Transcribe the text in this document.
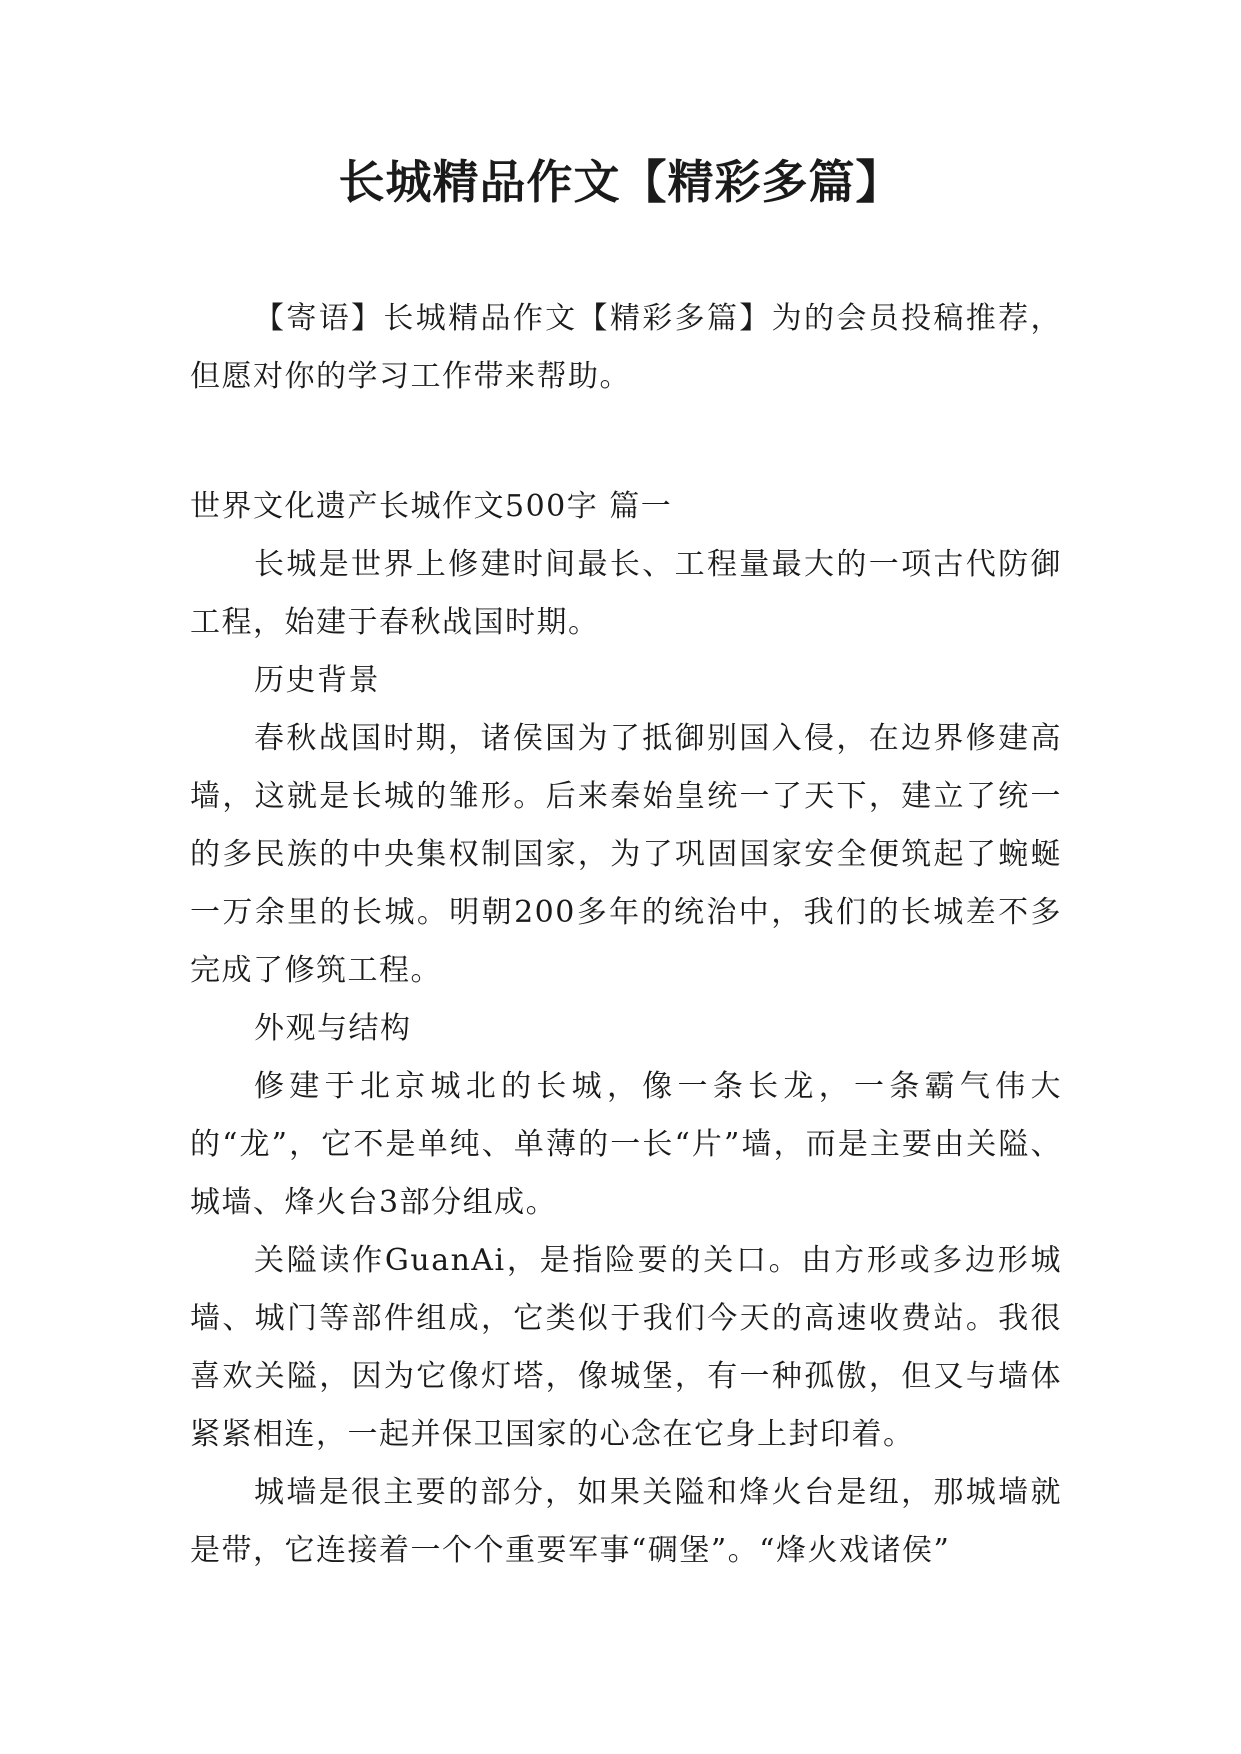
长城精品作文【精彩多篇】

【寄语】长城精品作文【精彩多篇】为的会员投稿推荐，但愿对你的学习工作带来帮助。

世界文化遗产长城作文500字 篇一

长城是世界上修建时间最长、工程量最大的一项古代防御工程，始建于春秋战国时期。

历史背景

春秋战国时期，诸侯国为了抵御别国入侵，在边界修建高墙，这就是长城的雏形。后来秦始皇统一了天下，建立了统一的多民族的中央集权制国家，为了巩固国家安全便筑起了蜿蜒一万余里的长城。明朝200多年的统治中，我们的长城差不多完成了修筑工程。

外观与结构

修建于北京城北的长城，像一条长龙，一条霸气伟大的“龙”，它不是单纯、单薄的一长“片”墙，而是主要由关隘、城墙、烽火台3部分组成。

关隘读作GuanAi，是指险要的关口。由方形或多边形城墙、城门等部件组成，它类似于我们今天的高速收费站。我很喜欢关隘，因为它像灯塔，像城堡，有一种孤傲，但又与墙体紧紧相连，一起并保卫国家的心念在它身上封印着。

城墙是很主要的部分，如果关隘和烽火台是纽，那城墙就是带，它连接着一个个重要军事“碉堡”。“烽火戏诸侯”
